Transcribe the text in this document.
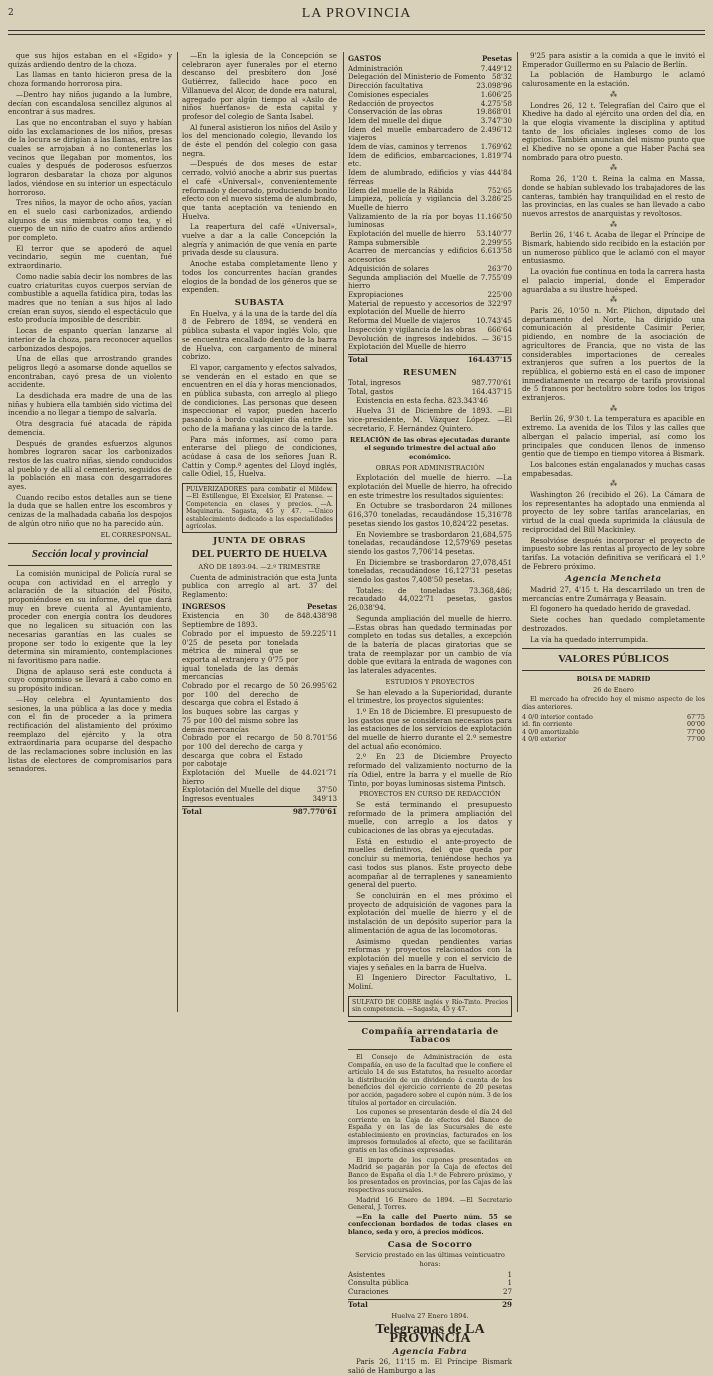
2	LA PROVINCIA

que sus hijos estaban en el «Egido» y quizás ardiendo dentro de la choza.

Las llamas en tanto hicieron presa de la choza formando horrorosa pira.

—Dentro hay niños jugando a la lumbre, decían con escandalosa sencillez algunos al encontrar á sus madres.

Las que no encontraban el suyo y habían oído las exclamaciones de los niños, presas de la locura se dirigían a las llamas, entre las cuales se arrojaban á no contenerlas los vecinos que llegaban por momentos, los cuales y después de poderosos esfuerzos lograron desbaratar la choza por algunos lados, viéndose en su interior un espectáculo horroroso.

Tres niños, la mayor de ocho años, yacían en el suelo casi carbonizados, ardiendo algunos de sus miembros como tea, y el cuerpo de un niño de cuatro años ardiendo por completo.

El terror que se apoderó de aquel vecindario, según me cuentan, fué extraordinario.

Como nadie sabía decir los nombres de las cuatro criaturitas cuyos cuerpos servían de combustible a aquella fatídica pira, todas las madres que no tenían a sus hijos al lado creían eran suyos, siendo el espectáculo que esto producía imposible de describir.

Locas de espanto querían lanzarse al interior de la choza, para reconocer aquellos carbonizados despojos.

Una de ellas que arrostrando grandes peligros llegó a asomarse donde aquellos se encontraban, cayó presa de un violento accidente.

La desdichada era madre de una de las niñas y hubiera ella también sido víctima del incendio a no llegar a tiempo de salvarla.

Otra desgracia fué atacada de rápida demencia.

Después de grandes esfuerzos algunos hombres lograron sacar los carbonizados restos de las cuatro niñas, siendo conducidos al pueblo y de allí al cementerio, seguidos de la población en masa con desgarradores ayes.

Cuando recibo estos detalles aun se tiene la duda que se hallen entre los escombros y cenizas de la malhadada cabaña los despojos de algún otro niño que no ha parecido aún.

EL CORRESPONSAL.
Sección local y provincial

La comisión municipal de Policía rural se ocupa con actividad en el arreglo y aclaración de la situación del Pósito, proponiéndose en su informe, del que dará muy en breve cuenta al Ayuntamiento, proceder con energía contra los deudores que no legalicen su situación con las necesarias garantías en las cuales se propone ser todo lo exigente que la ley determina sin miramiento, contemplaciones ni favoritismo para nadie.

Digna de aplauso será este conducta á cuyo compromiso se llevará á cabo como en su propósito indican.

—Hoy celebra el Ayuntamiento dos sesiones, la una pública a las doce y media con el fin de proceder a la primera rectificación del alistamiento del próximo reemplazo del ejército y la otra extraordinaria para ocuparse del despacho de las reclamaciones sobre inclusión en las listas de electores de compromisarios para senadores.

—En la iglesia de la Concepción se celebraron ayer funerales por el eterno descanso del presbítero don José Gutiérrez, fallecido hace poco en Villanueva del Alcor, de donde era natural, agregado por algún tiempo al «Asilo de niños huérfanos» de esta capital y profesor del colegio de Santa Isabel.

Al funeral asistieron los niños del Asilo y los del mencionado colegio, llevando los de éste el pendón del colegio con gasa negra.

—Después de dos meses de estar cerrado, volvió anoche a abrir sus puertas el café «Universal», convenientemente reformado y decorado, produciendo bonito efecto con el nuevo sistema de alumbrado, que tanta aceptación va teniendo en Huelva.

La reapertura del café «Universal», vuelve a dar a la calle Concepción la alegría y animación de que venía en parte privada desde su clausura.

Anoche estaba completamente lleno y todos los concurrentes hacían grandes elogios de la bondad de los géneros que se expenden.

SUBASTA

En Huelva, y á la una de la tarde del día 8 de Febrero de 1894, se venderá en pública subasta el vapor inglés Volo, que se encuentra encallado dentro de la barra de Huelva, con cargamento de mineral cobrizo.

El vapor, cargamento y efectos salvados, se venderán en el estado en que se encuentren en el día y horas mencionados, en pública subasta, con arreglo al pliego de condiciones. Las personas que deseen inspeccionar el vapor, pueden hacerlo pasando á bordo cualquier día entre las ocho de la mañana y las cinco de la tarde.

Para más informes, así como para enterarse del pliego de condiciones, acúdase á casa de los señores Juan R. Cattin y Comp.ª agentes del Lloyd inglés, calle Odiel, 15, Huelva.

PULVERIZADORES para combatir el Mildew. —El Estillengue, El Excelsior, El Pratense. —Competencia en clases y precios. —A. Maquinaria. Sagasta, 45 y 47. —Único establecimiento dedicado a las especialidades agrícolas.
JUNTA DE OBRAS
DEL PUERTO DE HUELVA
AÑO DE 1893-94. —2.º TRIMESTRE

Cuenta de administración que esta Junta publica con arreglo al art. 37 del Reglamento:

INGRESOS	Pesetas
Existencia en 30 de Septiembre de 1893.
848.438'98
Cobrado por el impuesto de 0'25 de peseta por tonelada métrica de mineral que se exporta al extranjero y 0'75 por igual tonelada de las demás mercancías
59.225'11
Cobrado por el recargo de 50 por 100 del derecho de descarga que cobra el Estado á los buques sobre las cargas y 75 por 100 del mismo sobre las demás mercancías
26.995'62
Cobrado por el recargo de 50 por 100 del derecho de carga y descarga que cobra el Estado por cabotaje
8.701'56
Explotación del Muelle de hierro
44.021'71
Explotación del Muelle del dique	37'50
Ingresos eventuales	349'13
Total	987.770'61
GASTOS	Pesetas
Administración	7.449'12
Delegación del Ministerio de Fomento 58'32
Dirección facultativa	23.098'96
Comisiones especiales	1.606'25
Redacción de proyectos	4.275'58
Conservación de las obras	19.868'01
Idem del muelle del dique	3.747'30
Idem del muelle embarcadero de viajeros
2.496'12
Idem de vías, caminos y terrenos	1.769'62
Idem de edificios, embarcaciones, etc.
1.819'74
Idem de alumbrado, edificios y vías férreas
444'84
Idem del muelle de la Rábida	752'65
Limpieza, policía y vigilancia del Muelle de hierro
3.286'25
Valizamiento de la ría por boyas luminosas
11.166'50
Explotación del muelle de hierro	53.140'77
Rampa submersible	2.299'55
Acarreo de mercancías y edificios accesorios
6.613'58
Adquisición de solares	263'70
Segunda ampliación del Muelle de hierro
7.755'09
Expropiaciones	225'00
Material de repuesto y accesorios de explotación del Muelle de hierro
322'97
Reforma del Muelle de viajeros	10.743'45
Inspección y vigilancia de las obras	666'64
Devolución de ingresos indebidos. —Explotación del Muelle de hierro
36'15
Total	164.437'15
RESUMEN
Total, ingresos	987.770'61
Total, gastos	164.437'15

Existencia en esta fecha. 823.343'46

Huelva 31 de Diciembre de 1893. —El vice-presidente, M. Vázquez López. —El secretario, F. Hernández Quintero.

RELACIÓN de las obras ejecutadas durante el segundo trimestre del actual año económico.
OBRAS POR ADMINISTRACIÓN

Explotación del muelle de hierro. —La explotación del Muelle de hierro, ha ofrecido en este trimestre los resultados siguientes:

En Octubre se trasbordaron 24 millones 616,370 toneladas, recaudándose 15,316'78 pesetas siendo los gastos 10,824'22 pesetas.

En Noviembre se trasbordaron 21,684,575 toneladas, recaudándose 12,579'69 pesetas siendo los gastos 7,706'14 pesetas.

En Diciembre se trasbordaron 27,078,451 toneladas, recaudándose 16,127'31 pesetas siendo los gastos 7,408'50 pesetas.

Totales: de toneladas 73.368,486; recaudado 44,022'71 pesetas, gastos 26,038'94.

Segunda ampliación del muelle de hierro. —Estas obras han quedado terminadas por completo en todas sus detalles, a excepción de la batería de placas giratorias que se trata de reemplazar por un cambio de vía doble que evitará la entrada de wagones con las laterales adyacentes.

ESTUDIOS Y PROYECTOS

Se han elevado a la Superioridad, durante el trimestre, los proyectos siguientes:

1.º En 18 de Diciembre. El presupuesto de los gastos que se consideran necesarios para las estaciones de los servicios de explotación del muelle de hierro durante el 2.º semestre del actual año económico.

2.º En 23 de Diciembre Proyecto reformado del valizamiento nocturno de la ría Odiel, entre la barra y el muelle de Río Tinto, por boyas luminosas sistema Pintsch.

PROYECTOS EN CURSO DE REDACCIÓN

Se está terminando el presupuesto reformado de la primera ampliación del muelle, con arreglo a los datos y cubicaciones de las obras ya ejecutadas.

Está en estudio el ante-proyecto de muelles definitivos, del que queda por concluir su memoria, teniéndose hechos ya casi todos sus planos. Este proyecto debe acompañar al de terraplenes y saneamiento general del puerto.

Se concluirán en el mes próximo el proyecto de adquisición de vagones para la explotación del muelle de hierro y el de instalación de un depósito superior para la alimentación de agua de las locomotoras.

Asimismo quedan pendientes varias reformas y proyectos relacionados con la explotación del muelle y con el servicio de viajes y señales en la barra de Huelva.

El Ingeniero Director Facultativo, L. Moliní.

SULFATO DE COBRE inglés y Río-Tinto. Precios sin competencia. —Sagasta, 45 y 47.
Compañía arrendataria de Tabacos

El Consejo de Administración de esta Compañía, en uso de la facultad que le confiere el artículo 14 de sus Estatutos, ha resuelto acordar la distribución de un dividendo á cuenta de los beneficios del ejercicio corriente de 20 pesetas por acción, pagadero sobre el cupón núm. 3 de los títulos al portador en circulación.

Los cupones se presentarán desde el día 24 del corriente en la Caja de efectos del Banco de España y en las de las Sucursales de este establecimiento en provincias, facturados en los impresos formulados al efecto, que se facilitarán gratis en las oficinas expresadas.

El importe de los cupones presentados en Madrid se pagarán por la Caja de efectos del Banco de España el día 1.º de Febrero próximo, y los presentados en provincias, por las Cajas de las respectivas sucursales.

Madrid 16 Enero de 1894. —El Secretario General, J. Torres.

—En la calle del Puerto núm. 55 se confeccionan bordados de todas clases en blanco, seda y oro, á precios módicos.

Casa de Socorro
Servicio prestado en las últimas veinticuatro horas:
Asistentes	1
Consulta pública	1
Curaciones	27
Total	29
Huelva 27 Enero 1894.
Telegramas de LA PROVINCIA
Agencia Fabra

París 26, 11'15 m. El Príncipe Bismark salió de Hamburgo a las

9'25 para asistir a la comida a que le invitó el Emperador Guillermo en su Palacio de Berlín.

La población de Hamburgo le aclamó calurosamente en la estación.

⁂

Londres 26, 12 t. Telegrafían del Cairo que el Khedive ha dado al ejército una orden del día, en la que elogia vivamente la disciplina y aptitud tanto de los oficiales ingleses como de los egipcios. También anuncian del mismo punto que el Khedive no se opone a que Haber Pachá sea nombrado para otro puesto.

⁂

Roma 26, 1'20 t. Reina la calma en Massa, donde se habían sublevado los trabajadores de las canteras, también hay tranquilidad en el resto de las provincias, en las cuales se han llevado a cabo nuevos arrestos de anarquistas y revoltosos.

⁂

Berlín 26, 1'46 t. Acaba de llegar el Príncipe de Bismark, habiendo sido recibido en la estación por un numeroso público que le aclamó con el mayor entusiasmo.

La ovación fue continua en toda la carrera hasta el palacio imperial, donde el Emperador aguardaba a su ilustre huésped.

⁂

París 26, 10'50 n. Mr. Plichon, diputado del departamento del Norte, ha dirigido una comunicación al presidente Casimir Perier, pidiendo, en nombre de la asociación de agricultores de Francia, que no vista de las considerables importaciones de cereales extranjeros que sufren a los puertos de la república, el gobierno está en el caso de imponer inmediatamente un recargo de tarifa provisional de 5 francos por hectolitro sobre todos los trigos extranjeros.

⁂

Berlín 26, 9'30 t. La temperatura es apacible en extremo. La avenida de los Tilos y las calles que albergan el palacio imperial, así como los principales que conducen llenos de inmenso gentío que de tiempo en tiempo vitorea á Bismark.

Los balcones están engalanados y muchas casas empabesadas.

⁂

Washington 26 (recibido el 26). La Cámara de los representantes ha adoptado una enmienda al proyecto de ley sobre tarifas arancelarias, en virtud de la cual queda suprimida la cláusula de reciprocidad del Bill Mackinley.

Resolvióse después incorporar el proyecto de impuesto sobre las rentas al proyecto de ley sobre tarifas. La votación definitiva se verificará el 1.º de Febrero próximo.

Agencia Mencheta

Madrid 27, 4'15 t. Ha descarrilado un tren de mercancías entre Zumárraga y Beasain.

El fogonero ha quedado herido de gravedad.

Siete coches han quedado completamente destrozados.

La vía ha quedado interrumpida.

VALORES PÚBLICOS
BOLSA DE MADRID
26 de Enero

El mercado ha ofrecido hoy el mismo aspecto de los días anteriores.

4 0/0 interior contado	67'75
id. fin corriente	00'00
4 0/0 amortizable	77'00
4 0/0 exterior	77'00
